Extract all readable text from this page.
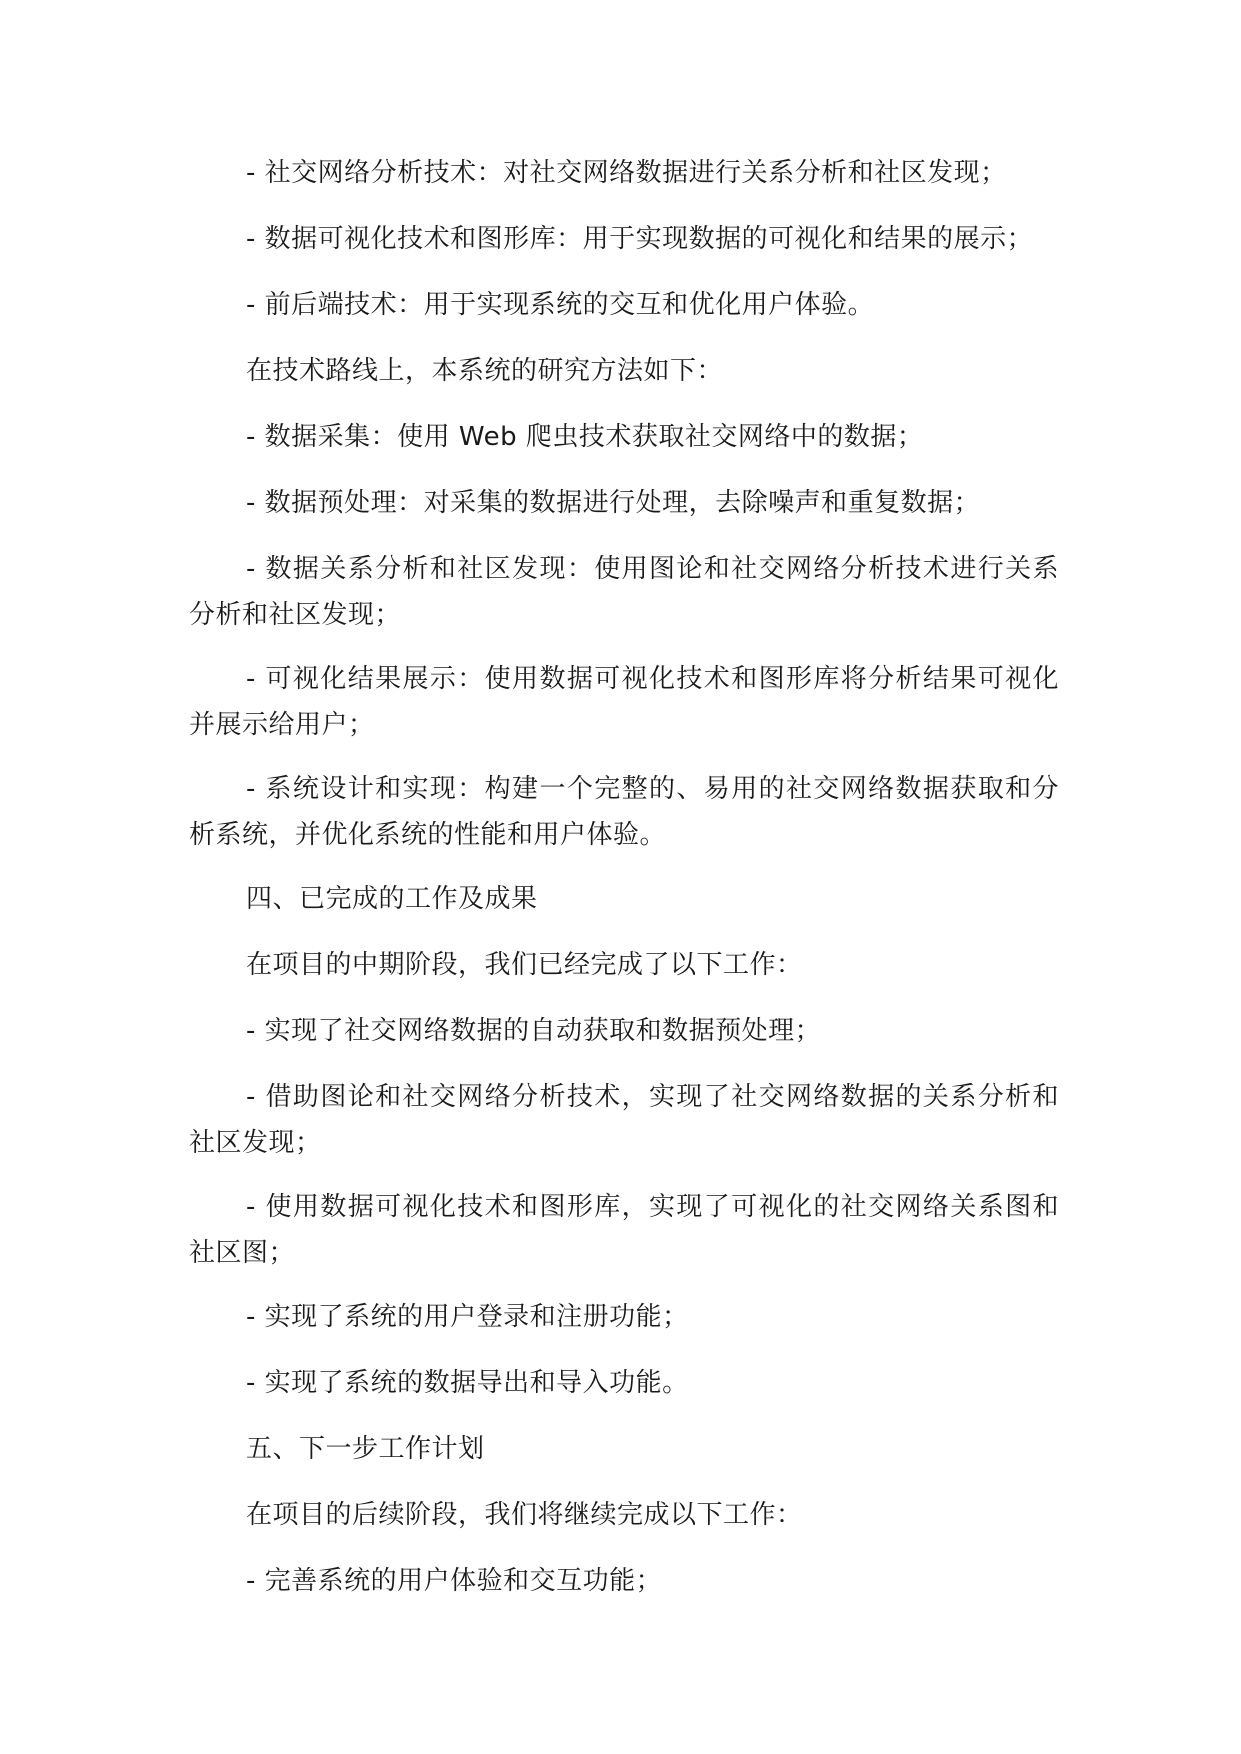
- 社交网络分析技术：对社交网络数据进行关系分析和社区发现；

- 数据可视化技术和图形库：用于实现数据的可视化和结果的展示；

- 前后端技术：用于实现系统的交互和优化用户体验。

在技术路线上，本系统的研究方法如下：

- 数据采集：使用 Web 爬虫技术获取社交网络中的数据；

- 数据预处理：对采集的数据进行处理，去除噪声和重复数据；

- 数据关系分析和社区发现：使用图论和社交网络分析技术进行关系分析和社区发现；

- 可视化结果展示：使用数据可视化技术和图形库将分析结果可视化并展示给用户；

- 系统设计和实现：构建一个完整的、易用的社交网络数据获取和分析系统，并优化系统的性能和用户体验。

四、已完成的工作及成果

在项目的中期阶段，我们已经完成了以下工作：

- 实现了社交网络数据的自动获取和数据预处理；

- 借助图论和社交网络分析技术，实现了社交网络数据的关系分析和社区发现；

- 使用数据可视化技术和图形库，实现了可视化的社交网络关系图和社区图；

- 实现了系统的用户登录和注册功能；

- 实现了系统的数据导出和导入功能。

五、下一步工作计划

在项目的后续阶段，我们将继续完成以下工作：

- 完善系统的用户体验和交互功能；
